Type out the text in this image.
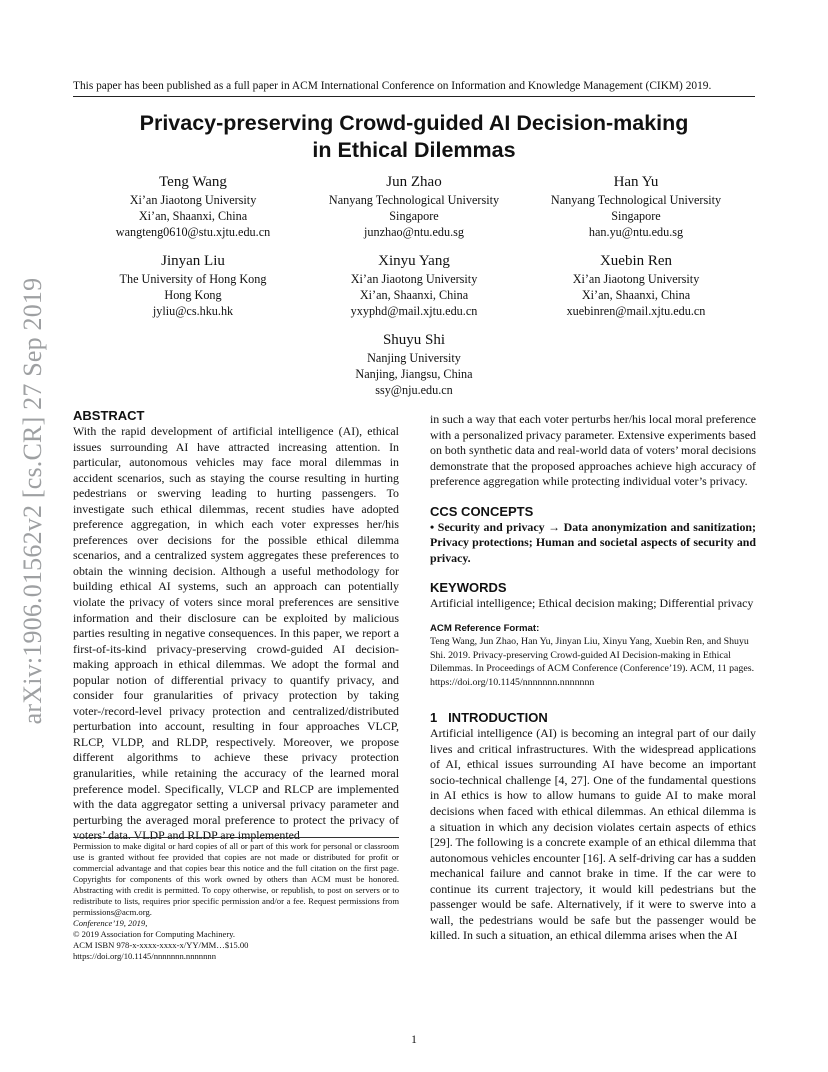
This paper has been published as a full paper in ACM International Conference on Information and Knowledge Management (CIKM) 2019.
Privacy-preserving Crowd-guided AI Decision-making
in Ethical Dilemmas
arXiv:1906.01562v2 [cs.CR] 27 Sep 2019
Teng Wang
Xi’an Jiaotong University
Xi’an, Shaanxi, China
wangteng0610@stu.xjtu.edu.cn
Jun Zhao
Nanyang Technological University
Singapore
junzhao@ntu.edu.sg
Han Yu
Nanyang Technological University
Singapore
han.yu@ntu.edu.sg
Jinyan Liu
The University of Hong Kong
Hong Kong
jyliu@cs.hku.hk
Xinyu Yang
Xi’an Jiaotong University
Xi’an, Shaanxi, China
yxyphd@mail.xjtu.edu.cn
Xuebin Ren
Xi’an Jiaotong University
Xi’an, Shaanxi, China
xuebinren@mail.xjtu.edu.cn
Shuyu Shi
Nanjing University
Nanjing, Jiangsu, China
ssy@nju.edu.cn
ABSTRACT

With the rapid development of artificial intelligence (AI), ethical issues surrounding AI have attracted increasing attention. In particular, autonomous vehicles may face moral dilemmas in accident scenarios, such as staying the course resulting in hurting pedestrians or swerving leading to hurting passengers. To investigate such ethical dilemmas, recent studies have adopted preference aggregation, in which each voter expresses her/his preferences over decisions for the possible ethical dilemma scenarios, and a centralized system aggregates these preferences to obtain the winning decision. Although a useful methodology for building ethical AI systems, such an approach can potentially violate the privacy of voters since moral preferences are sensitive information and their disclosure can be exploited by malicious parties resulting in negative consequences. In this paper, we report a first-of-its-kind privacy-preserving crowd-guided AI decision-making approach in ethical dilemmas. We adopt the formal and popular notion of differential privacy to quantify privacy, and consider four granularities of privacy protection by taking voter-/record-level privacy protection and centralized/distributed perturbation into account, resulting in four approaches VLCP, RLCP, VLDP, and RLDP, respectively. Moreover, we propose different algorithms to achieve these privacy protection granularities, while retaining the accuracy of the learned moral preference model. Specifically, VLCP and RLCP are implemented with the data aggregator setting a universal privacy parameter and perturbing the averaged moral preference to protect the privacy of voters’ data. VLDP and RLDP are implemented

Permission to make digital or hard copies of all or part of this work for personal or classroom use is granted without fee provided that copies are not made or distributed for profit or commercial advantage and that copies bear this notice and the full citation on the first page. Copyrights for components of this work owned by others than ACM must be honored. Abstracting with credit is permitted. To copy otherwise, or republish, to post on servers or to redistribute to lists, requires prior specific permission and/or a fee. Request permissions from permissions@acm.org.

Conference’19, 2019,

© 2019 Association for Computing Machinery.

ACM ISBN 978-x-xxxx-xxxx-x/YY/MM…$15.00

https://doi.org/10.1145/nnnnnnn.nnnnnnn

in such a way that each voter perturbs her/his local moral preference with a personalized privacy parameter. Extensive experiments based on both synthetic data and real-world data of voters’ moral decisions demonstrate that the proposed approaches achieve high accuracy of preference aggregation while protecting individual voter’s privacy.

CCS CONCEPTS

• Security and privacy → Data anonymization and sanitization; Privacy protections; Human and societal aspects of security and privacy.

KEYWORDS

Artificial intelligence; Ethical decision making; Differential privacy

ACM Reference Format:

Teng Wang, Jun Zhao, Han Yu, Jinyan Liu, Xinyu Yang, Xuebin Ren, and Shuyu Shi. 2019. Privacy-preserving Crowd-guided AI Decision-making in Ethical Dilemmas. In Proceedings of ACM Conference (Conference’19). ACM, 11 pages. https://doi.org/10.1145/nnnnnnn.nnnnnnn

1   INTRODUCTION

Artificial intelligence (AI) is becoming an integral part of our daily lives and critical infrastructures. With the widespread applications of AI, ethical issues surrounding AI have become an important socio-technical challenge [4, 27]. One of the fundamental questions in AI ethics is how to allow humans to guide AI to make moral decisions when faced with ethical dilemmas. An ethical dilemma is a situation in which any decision violates certain aspects of ethics [29]. The following is a concrete example of an ethical dilemma that autonomous vehicles encounter [16]. A self-driving car has a sudden mechanical failure and cannot brake in time. If the car were to continue its current trajectory, it would kill pedestrians but the passenger would be safe. Alternatively, if it were to swerve into a wall, the pedestrians would be safe but the passenger would be killed. In such a situation, an ethical dilemma arises when the AI

1
